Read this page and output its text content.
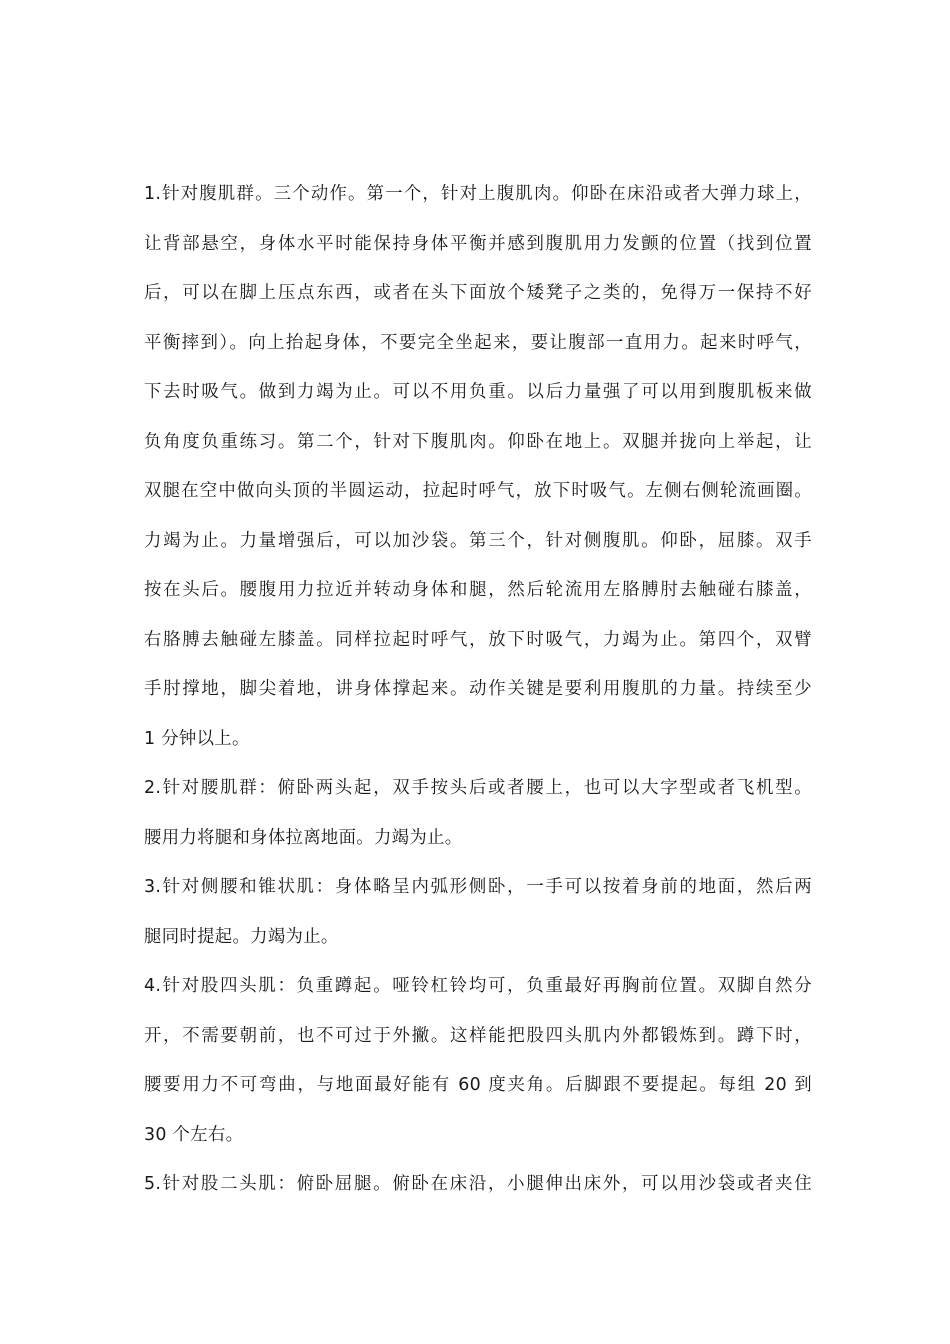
1.针对腹肌群。三个动作。第一个，针对上腹肌肉。仰卧在床沿或者大弹力球上，
让背部悬空，身体水平时能保持身体平衡并感到腹肌用力发颤的位置（找到位置
后，可以在脚上压点东西，或者在头下面放个矮凳子之类的，免得万一保持不好
平衡摔到）。向上抬起身体，不要完全坐起来，要让腹部一直用力。起来时呼气，
下去时吸气。做到力竭为止。可以不用负重。以后力量强了可以用到腹肌板来做
负角度负重练习。第二个，针对下腹肌肉。仰卧在地上。双腿并拢向上举起，让
双腿在空中做向头顶的半圆运动，拉起时呼气，放下时吸气。左侧右侧轮流画圈。
力竭为止。力量增强后，可以加沙袋。第三个，针对侧腹肌。仰卧，屈膝。双手
按在头后。腰腹用力拉近并转动身体和腿，然后轮流用左胳膊肘去触碰右膝盖，
右胳膊去触碰左膝盖。同样拉起时呼气，放下时吸气，力竭为止。第四个，双臂
手肘撑地，脚尖着地，讲身体撑起来。动作关键是要利用腹肌的力量。持续至少
1 分钟以上。
2.针对腰肌群：俯卧两头起，双手按头后或者腰上，也可以大字型或者飞机型。
腰用力将腿和身体拉离地面。力竭为止。
3.针对侧腰和锥状肌：身体略呈内弧形侧卧，一手可以按着身前的地面，然后两
腿同时提起。力竭为止。
4.针对股四头肌：负重蹲起。哑铃杠铃均可，负重最好再胸前位置。双脚自然分
开，不需要朝前，也不可过于外撇。这样能把股四头肌内外都锻炼到。蹲下时，
腰要用力不可弯曲，与地面最好能有 60 度夹角。后脚跟不要提起。每组 20 到
30 个左右。
5.针对股二头肌：俯卧屈腿。俯卧在床沿，小腿伸出床外，可以用沙袋或者夹住
